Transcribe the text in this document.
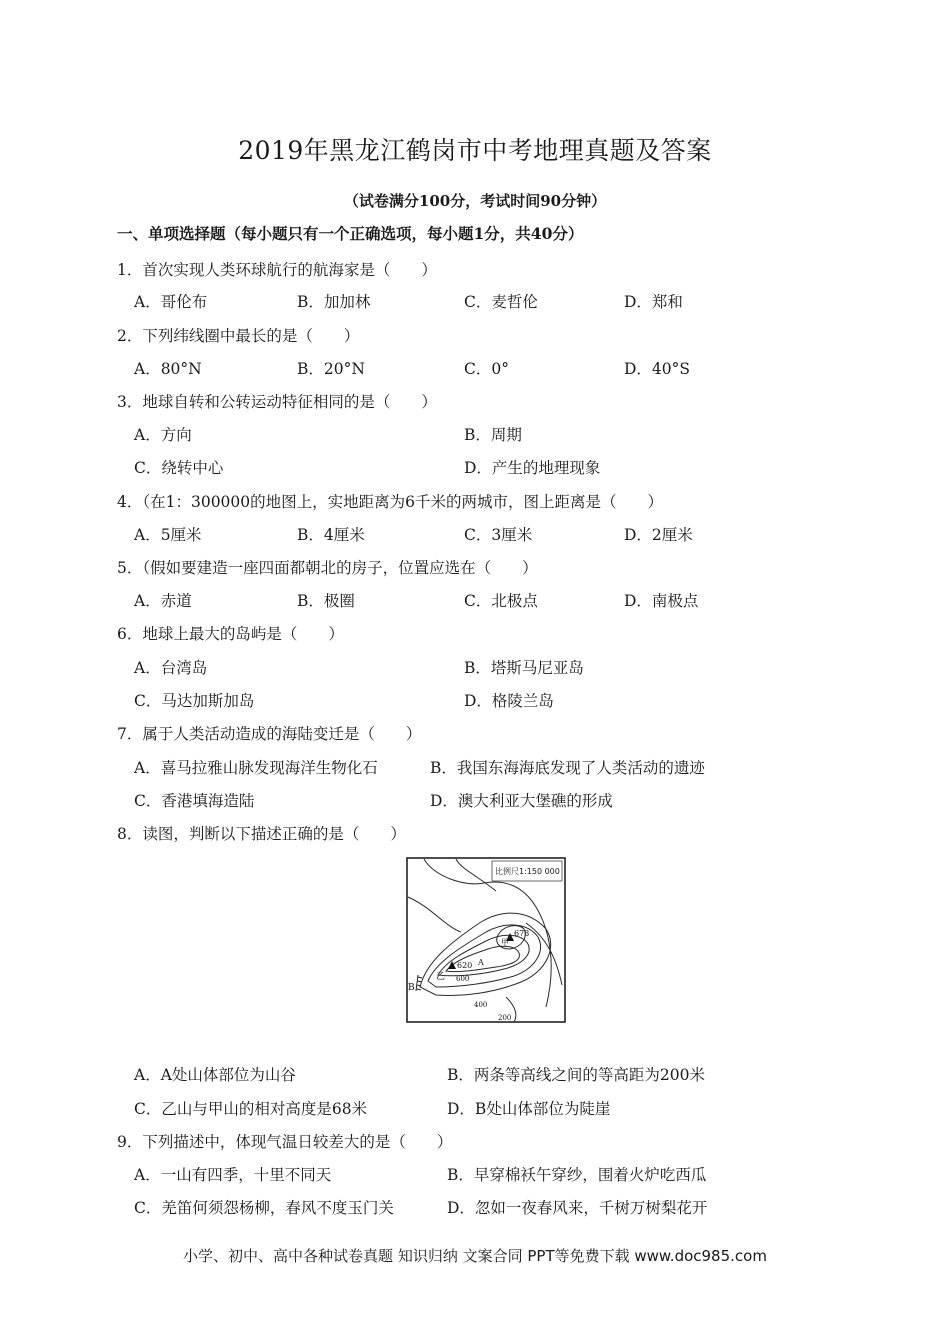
2019年黑龙江鹤岗市中考地理真题及答案
（试卷满分100分，考试时间90分钟）
一、单项选择题（每小题只有一个正确选项，每小题1分，共40分）
1．首次实现人类环球航行的航海家是（　　）
A．哥伦布	B．加加林	C．麦哲伦	D．郑和
2．下列纬线圈中最长的是（　　）
A．80°N	B．20°N	C．0°	D．40°S
3．地球自转和公转运动特征相同的是（　　）
A．方向	B．周期
C．绕转中心	D．产生的地理现象
4．（在1：300000的地图上，实地距离为6千米的两城市，图上距离是（　　）
A．5厘米	B．4厘米	C．3厘米	D．2厘米
5．（假如要建造一座四面都朝北的房子，位置应选在（　　）
A．赤道	B．极圈	C．北极点	D．南极点
6．地球上最大的岛屿是（　　）
A．台湾岛	B．塔斯马尼亚岛
C．马达加斯加岛	D．格陵兰岛
7．属于人类活动造成的海陆变迁是（　　）
A．喜马拉雅山脉发现海洋生物化石	B．我国东海海底发现了人类活动的遗迹
C．香港填海造陆	D．澳大利亚大堡礁的形成
8．读图，判断以下描述正确的是（　　）
比例尺1:150 000
678
甲
620
乙
A
B
600
400
200
A．A处山体部位为山谷	B．两条等高线之间的等高距为200米
C．乙山与甲山的相对高度是68米	D．B处山体部位为陡崖
9．下列描述中，体现气温日较差大的是（　　）
A．一山有四季，十里不同天	B．早穿棉袄午穿纱，围着火炉吃西瓜
C．羌笛何须怨杨柳，春风不度玉门关	D．忽如一夜春风来，千树万树梨花开
小学、初中、高中各种试卷真题 知识归纳 文案合同 PPT等免费下载 www.doc985.com
